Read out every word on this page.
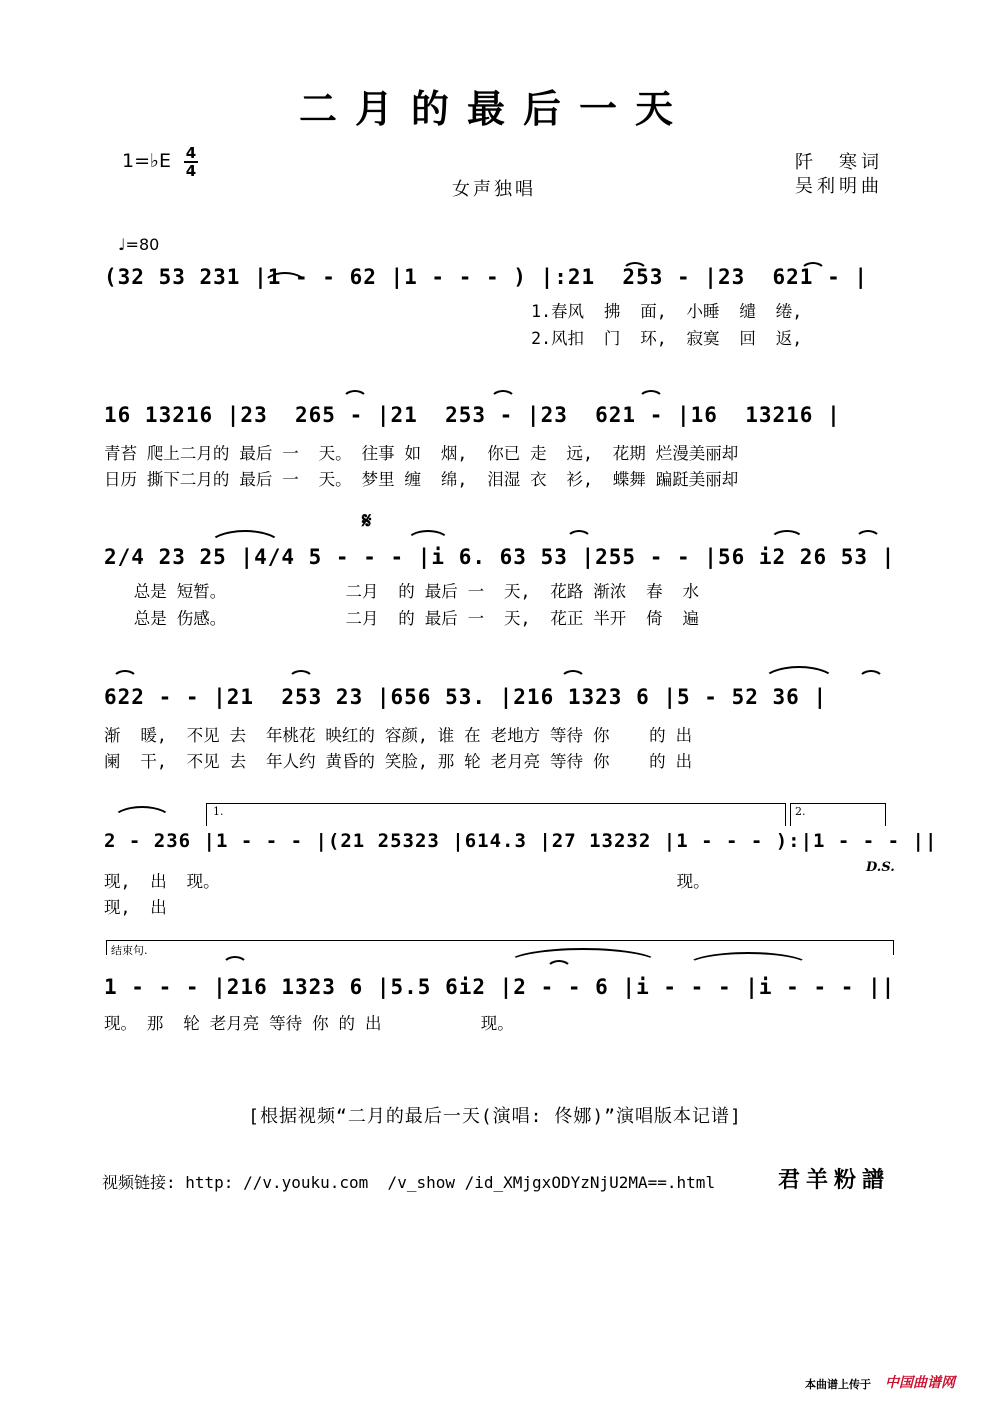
二月的最后一天
1=♭E 4
4
女声独唱
阡　寒词
吴利明曲
♩=80
(32 53 231 |1 - - 62 |1 - - - ) |:21  253 - |23  621 - |
1.春风  拂  面,  小睡  缱  绻,
2.风扣  门  环,  寂寞  回  返,
16 13216 |23  265 - |21  253 - |23  621 - |16  13216 |
青苔 爬上二月的 最后 一  天。 往事 如  烟,  你已 走  远,  花期 烂漫美丽却
日历 撕下二月的 最后 一  天。 梦里 缠  绵,  泪湿 衣  衫,  蝶舞 蹁跹美丽却
𝄋
2/4 23 25 |4/4 5 - - - |i 6. 63 53 |255 - - |56 i2 26 53 |
总是 短暂。            二月  的 最后 一  天,  花路 渐浓  春  水
总是 伤感。            二月  的 最后 一  天,  花正 半开  倚  遍
622 - - |21  253 23 |656 53. |216 1323 6 |5 - 52 36 |
渐  暖,  不见 去  年桃花 映红的 容颜, 谁 在 老地方 等待 你    的 出
阑  干,  不见 去  年人约 黄昏的 笑脸, 那 轮 老月亮 等待 你    的 出
1.	2.
2 - 236 |1 - - - |(21 25323 |614.3 |27 13232 |1 - - - ):|1 - - - ||
D.S.
现,  出  现。                                              现。
现,  出
结束句.
1 - - - |216 1323 6 |5.5 6i2 |2 - - 6 |i - - - |i - - - ||
现。 那  轮 老月亮 等待 你 的 出          现。
[根据视频“二月的最后一天(演唱: 佟娜)”演唱版本记谱]
视频链接: http: //v.youku.com  /v_show /id_XMjgxODYzNjU2MA==.html	君羊粉譜
本曲谱上传于 中国曲谱网
